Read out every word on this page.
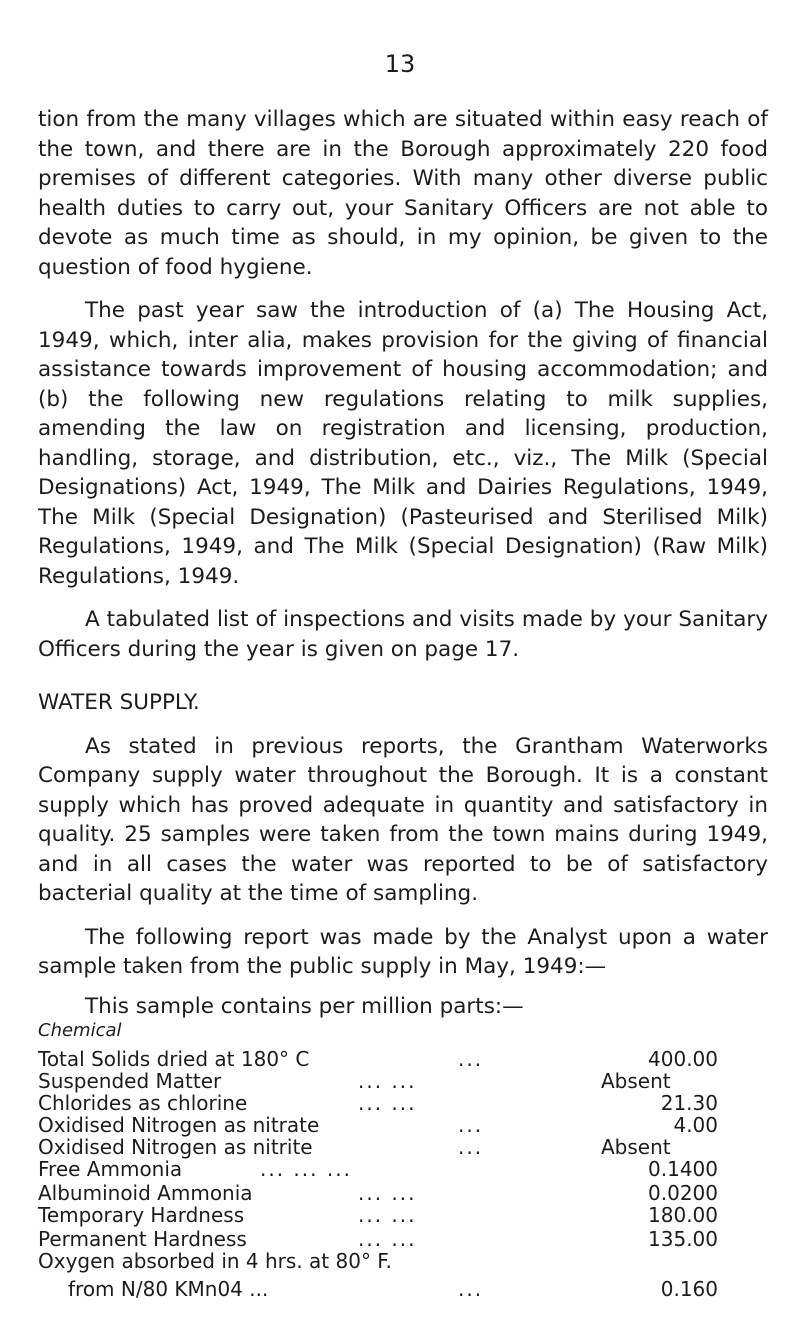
13

tion from the many villages which are situated within easy reach of the town, and there are in the Borough approximately 220 food premises of different categories. With many other diverse public health duties to carry out, your Sanitary Officers are not able to devote as much time as should, in my opinion, be given to the question of food hygiene.

The past year saw the introduction of (a) The Housing Act, 1949, which, inter alia, makes provision for the giving of financial assistance towards improvement of housing accommodation; and (b) the following new regulations relating to milk supplies, amending the law on registration and licensing, production, handling, storage, and distribution, etc., viz., The Milk (Special Designations) Act, 1949, The Milk and Dairies Regulations, 1949, The Milk (Special Designation) (Pasteurised and Sterilised Milk) Regulations, 1949, and The Milk (Special Designation) (Raw Milk) Regulations, 1949.

A tabulated list of inspections and visits made by your Sanitary Officers during the year is given on page 17.

WATER SUPPLY.

As stated in previous reports, the Grantham Waterworks Company supply water throughout the Borough. It is a constant supply which has proved adequate in quantity and satisfactory in quality. 25 samples were taken from the town mains during 1949, and in all cases the water was reported to be of satisfactory bacterial quality at the time of sampling.

The following report was made by the Analyst upon a water sample taken from the public supply in May, 1949:—

This sample contains per million parts:—

Chemical

Total Solids dried at 180° C	...	400.00
Suspended Matter	... ...	Absent
Chlorides as chlorine	... ...	21.30
Oxidised Nitrogen as nitrate	...	4.00
Oxidised Nitrogen as nitrite	...	Absent
Free Ammonia	... ... ...	0.1400
Albuminoid Ammonia	... ...	0.0200
Temporary Hardness	... ...	180.00
Permanent Hardness	... ...	135.00
Oxygen absorbed in 4 hrs. at 80° F.
from N/80 KMn04 ...	...	0.160
